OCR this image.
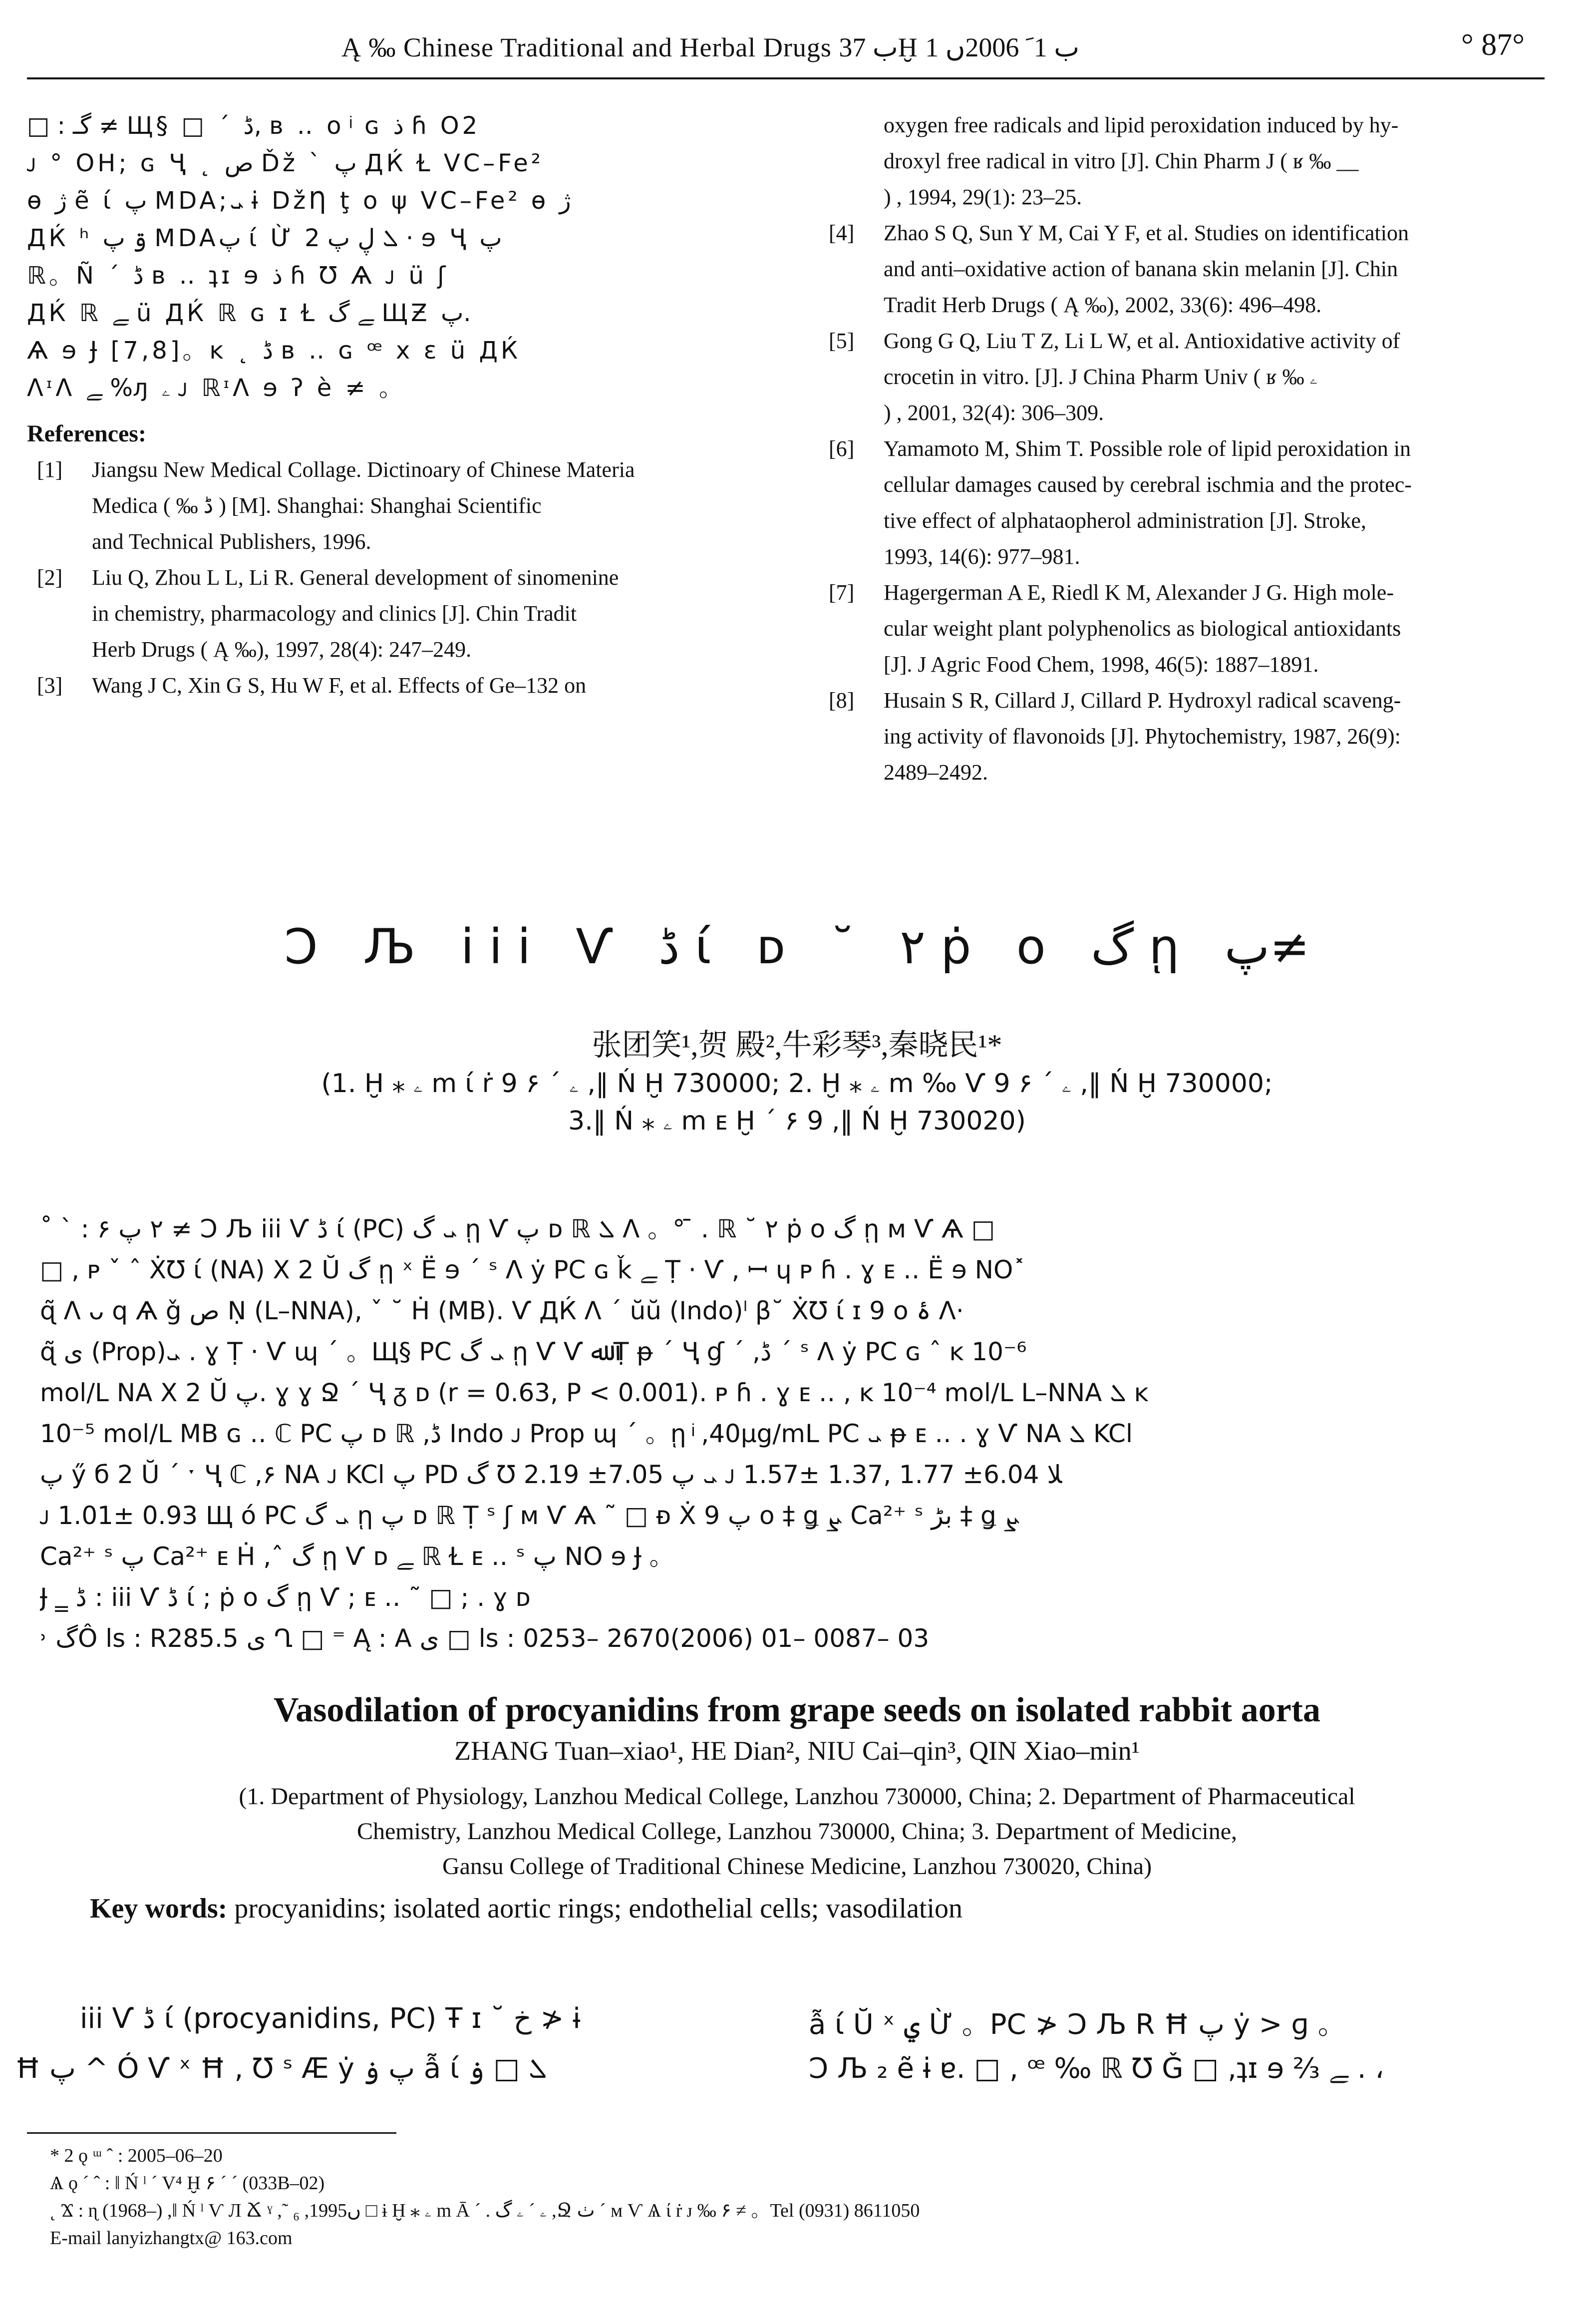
Ą ‰ Chinese Traditional and Herbal Drugs ب 37Ḫ ب 1ﹶ 2006ں 1	° 87°
□ : گـ ≠ Щ§ □ ´ ڈ, в ‥ ο ͥ ɢ ذ ɦ O2
ᴊ ° OH; ɢ Ҷ ˛ ص Ďž ` پ ДЌ Ɫ VC–Fe²
ɵ ژ ẽ ί پ MDA;ܝ ɨ DžȠ ţ ο ψ VC–Fe² ɵ ژ
ДЌ ʰ ۊ پ MDAپ ί Ừ ܠ ڸ پ 2 · ɘ Ҷ پ
ℝ。Ñ ´ ڈ в ‥ ʇɪ ɘ ذ ɦ Ʊ Ѧ ᴊ ü ʃ
ДЌ ℝ ﮯ ü ДЌ ℝ ɢ ɪ Ɫ ﮯ گ ЩƵ پ.
Ѧ ɘ Ɉ [7,8]。ĸ ˛ ڈ в ‥ ɢ ꟹ x ɛ ü ДЌ
ɅᶦɅ ﮯ %ԓ ۦ ᴊ ℝᶦɅ ɘ ʔ ѐ ≠ 。
References:
[1]	Jiangsu New Medical Collage. Dictinoary of Chinese Materia
Medica ( ‰ ڈ ) [M]. Shanghai: Shanghai Scientific
and Technical Publishers, 1996.
[2]	Liu Q, Zhou L L, Li R. General development of sinomenine
in chemistry, pharmacology and clinics [J]. Chin Tradit
Herb Drugs ( Ą ‰), 1997, 28(4): 247–249.
[3]	Wang J C, Xin G S, Hu W F, et al. Effects of Ge–132 on
oxygen free radicals and lipid peroxidation induced by hy-
droxyl free radical in vitro [J]. Chin Pharm J ( ʁ ‰ __
) , 1994, 29(1): 23–25.
[4]	Zhao S Q, Sun Y M, Cai Y F, et al. Studies on identification
and anti–oxidative action of banana skin melanin [J]. Chin
Tradit Herb Drugs ( Ą ‰), 2002, 33(6): 496–498.
[5]	Gong G Q, Liu T Z, Li L W, et al. Antioxidative activity of
crocetin in vitro. [J]. J China Pharm Univ ( ʁ ‰ ۦ
) , 2001, 32(4): 306–309.
[6]	Yamamoto M, Shim T. Possible role of lipid peroxidation in
cellular damages caused by cerebral ischmia and the protec-
tive effect of alphataopherol administration [J]. Stroke,
1993, 14(6): 977–981.
[7]	Hagergerman A E, Riedl K M, Alexander J G. High mole-
cular weight plant polyphenolics as biological antioxidants
[J]. J Agric Food Chem, 1998, 46(5): 1887–1891.
[8]	Husain S R, Cillard J, Cillard P. Hydroxyl radical scaveng-
ing activity of flavonoids [J]. Phytochemistry, 1987, 26(9):
2489–2492.
Ɔ Љ iii Ѵ ڈ ί ᴅ ˘ ٢ ṗ ο گ ῃ پ≠
张团笑¹,贺 殿²,牛彩琴³,秦晓民¹*
(1. Ḫ ⁎ ۦ m ί ṙ ۦ ´ ۶ 9 ,‖ Ń Ḫ 730000; 2. Ḫ ⁎ ۦ m ‰ Ѵ ۦ ´ ۶ 9 ,‖ Ń Ḫ 730000;
3.‖ Ń ⁎ ۦ m ᴇ Ḫ ´ ۶ 9 ,‖ Ń Ḫ 730020)
˚ ` : ٢ پ ۶ ≠ Ɔ Љ iii Ѵ ڈ ί (PC) ܝ گ ῃ Ѵ پ ᴅ ℝ ܠ Ʌ 。° ̄ . ℝ ˘ ٢ ṗ ο گ ῃ ᴍ Ѵ Ѧ □
□ , ᴩ ˇ ˆ ẊƱ ί (NA) X 2 Ŭ گ ῃ ˣ Ë ɘ ´ ˢ Ʌ ẏ PC ɢ ǩ ﮯ Ṭ · Ѵ , ꟷ ɥ ᴩ ɦ . ɣ ᴇ ‥ Ë ɘ NO˟
ɋ̃ Ʌ ᴗ q Ѧ ǧ ص Ṇ (L–NNA), ˇ ˘ Ḣ (MB). Ѵ ДЌ Ʌ ´ ŭŭ (Indo)ˡ β˘ ẊƱ ί ɪ 9 ο ۂ Ʌ·
ɋ̃ ی (Prop)ܝ . ɣ Ṭ · Ѵ ɰ ˊ 。Щ§ PC ܝ گ ῃ Ѵ Ѵ ﷲ Ṭ ᵽ ´ Ҷ ɠ ˊ ,ڈ ´ ˢ Ʌ ẏ PC ɢ ˆ ĸ 10⁻⁶
mol/L NA X 2 Ŭ پ. ɣ ɣ Ջ ˊ Ҷ ᵹ ᴅ (r = 0.63, P < 0.001). ᴩ ɦ . ɣ ᴇ ‥ , ĸ 10⁻⁴ mol/L L–NNA ܠ ĸ
10⁻⁵ mol/L MB ɢ ‥ ℂ PC پ ᴅ ℝ ,ڈ Indo ᴊ Prop ɰ ˊ 。ῃ ͥ ,40μg/mL PC ܝ ᵽ ᴇ ‥ . ɣ Ѵ NA ܠ KCl
پ ӳ б 2 Ŭ ´ ˑ Ҷ ℂ ,۶ NA ᴊ KCl پ PD گ Ʊ ܝ پ 7.05± 2.19 ᴊ 1.57± 1.37, ﻼ 6.04± 1.77
ᴊ 1.01± 0.93 Щ ό PC ܝ گ ῃ پ ᴅ ℝ Ṭ ˢ ʃ ᴍ Ѵ Ѧ ˜ □ ᴆ Ẋ پ 9 ο ‡ ǥ ܨ Ca²⁺ ˢ بڑ ‡ ǥ ܨ
Ca²⁺ ˢ پ Ca²⁺ ᴇ Ḣ ,ˆ گ ῃ Ѵ ᴅ ﮯ ℝ Ɫ ᴇ ‥ ˢ پ NO ɘ Ɉ 。
Ɉ ‗ ڈ : iii Ѵ ڈ ί ; ṗ ο گ ῃ Ѵ ; ᴇ ‥ ˜ □ ; . ɣ ᴅ
˒ گÔ ls : R285.5 ی Ղ □ ⁼ Ą : A ی □ ls : 0253– 2670(2006) 01– 0087– 03
Vasodilation of procyanidins from grape seeds on isolated rabbit aorta
ZHANG Tuan–xiao¹, HE Dian², NIU Cai–qin³, QIN Xiao–min¹
(1. Department of Physiology, Lanzhou Medical College, Lanzhou 730000, China; 2. Department of Pharmaceutical
Chemistry, Lanzhou Medical College, Lanzhou 730000, China; 3. Department of Medicine,
Gansu College of Traditional Chinese Medicine, Lanzhou 730020, China)
Key words: procyanidins; isolated aortic rings; endothelial cells; vasodilation
iii Ѵ ڈ ί (procyanidins, PC) Ŧ ɪ ˘ خ ≯ ɨ
Ħ پ ^ Ó Ѵ ˣ Ħ , Ʊ ˢ Æ ẏ پ ۏ ẫ ί ܠ □ ۏ
ẫ ί Ŭ ˣ ۑ Ừ 。PC ≯ Ɔ Љ R Ħ پ ẏ > ɡ 。
Ɔ Љ ₂ ẽ ɨ ɐ. □ , ꟹ ‰ ℝ Ʊ Ǧ □ ,ʇɪ ɘ ⅔ ﮯ . ،
* 2 ǫ ᵚ ˆ : 2005–06–20
Ѧ ǫ ´ ˆ : ‖ Ń ˡ ´ V⁴ Ḫ ۶ ´ ´ (033B–02)
˛ Ϫ : ɳ (1968–) ,‖ Ń ˡ Ѵ Л Ճ ˠ ,˜ ₆ ,1995ں □ ɨ Ḫ ⁎ ۦ m Ā ´ . ۦ ˊ ۦ گ ,Ջ ٺ ´ ᴍ Ѵ Ѧ ί ṙ ᴊ ‰ ۶ ≠ 。Tel (0931) 8611050
E-mail lanyizhangtx@ 163.com
